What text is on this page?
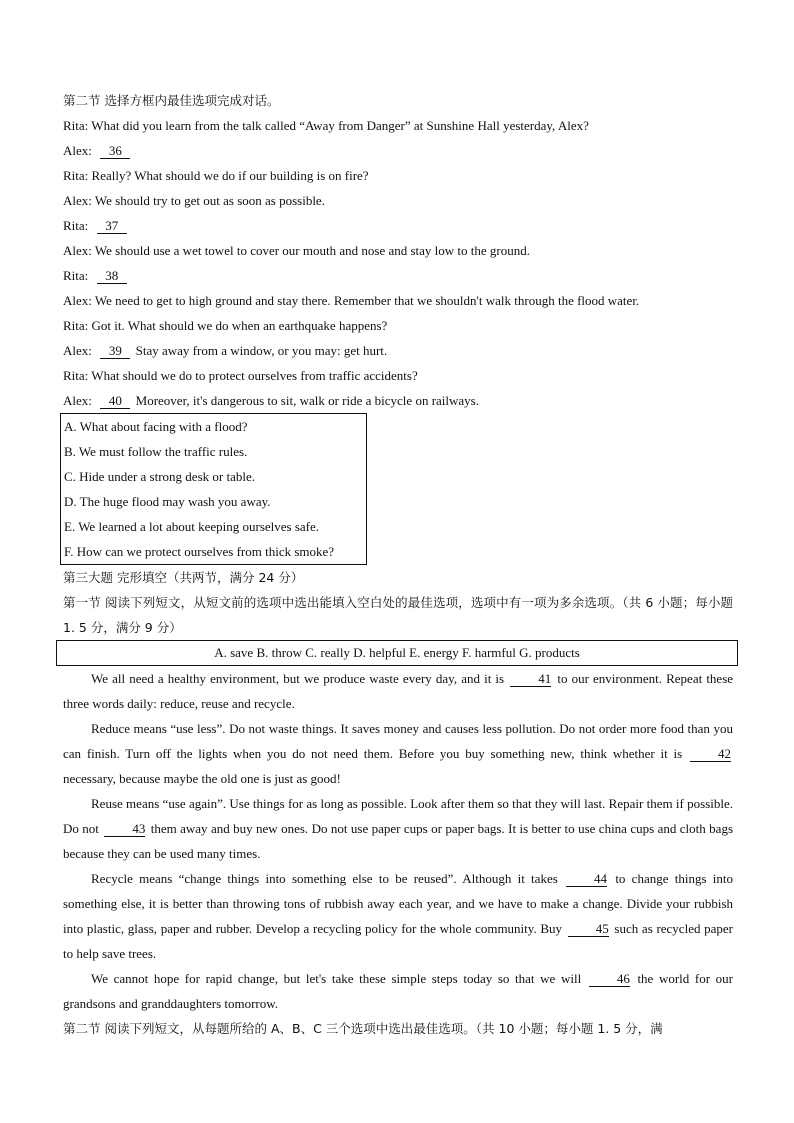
第二节 选择方框内最佳选项完成对话。
Rita: What did you learn from the talk called “Away from Danger” at Sunshine Hall yesterday, Alex?
Alex: 36
Rita: Really? What should we do if our building is on fire?
Alex: We should try to get out as soon as possible.
Rita: 37
Alex: We should use a wet towel to cover our mouth and nose and stay low to the ground.
Rita: 38
Alex: We need to get to high ground and stay there. Remember that we shouldn't walk through the flood water.
Rita: Got it. What should we do when an earthquake happens?
Alex: 39 Stay away from a window, or you may: get hurt.
Rita: What should we do to protect ourselves from traffic accidents?
Alex: 40 Moreover, it's dangerous to sit, walk or ride a bicycle on railways.
A. What about facing with a flood?
B. We must follow the traffic rules.
C. Hide under a strong desk or table.
D. The huge flood may wash you away.
E. We learned a lot about keeping ourselves safe.
F. How can we protect ourselves from thick smoke?
第三大题 完形填空（共两节，满分 24 分）
第一节 阅读下列短文，从短文前的选项中选出能填入空白处的最佳选项，选项中有一项为多余选项。（共 6 小题；每小题 1. 5 分，满分 9 分）
A. save B. throw C. really D. helpful E. energy F. harmful G. products
We all need a healthy environment, but we produce waste every day, and it is	41 to our environment. Repeat these three words daily: reduce, reuse and recycle.
Reduce means “use less”. Do not waste things. It saves money and causes less pollution. Do not order more food than you can finish. Turn off the lights when you do not need them. Before you buy something new, think whether it is	42 necessary, because maybe the old one is just as good!
Reuse means “use again”. Use things for as long as possible. Look after them so that they will last. Repair them if possible. Do not	43 them away and buy new ones. Do not use paper cups or paper bags. It is better to use china cups and cloth bags because they can be used many times.
Recycle means “change things into something else to be reused”. Although it takes	44 to change things into something else, it is better than throwing tons of rubbish away each year, and we have to make a change. Divide your rubbish into plastic, glass, paper and rubber. Develop a recycling policy for the whole community. Buy	45 such as recycled paper to help save trees.
We cannot hope for rapid change, but let's take these simple steps today so that we will	46 the world for our grandsons and granddaughters tomorrow.
第二节 阅读下列短文，从每题所给的 A、B、C 三个选项中选出最佳选项。（共 10 小题；每小题 1. 5 分，满
